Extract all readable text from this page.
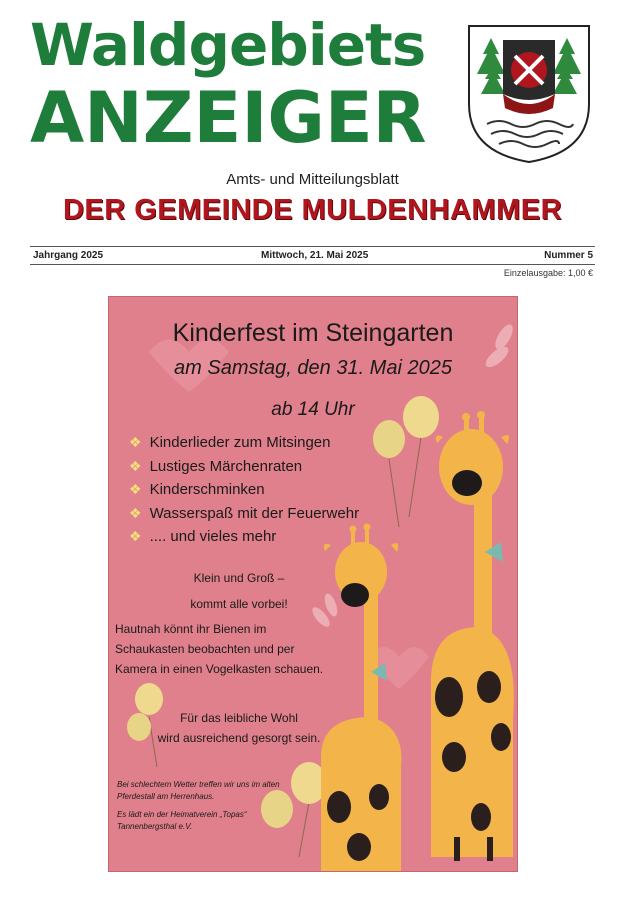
Waldgebiets
ANZEIGER
Amts- und Mitteilungsblatt
DER GEMEINDE MULDENHAMMER
Jahrgang 2025	Mittwoch, 21. Mai 2025	Nummer 5
Einzelausgabe: 1,00 €
Kinderfest im Steingarten
am Samstag, den 31. Mai 2025
ab 14 Uhr
❖ Kinderlieder zum Mitsingen
❖ Lustiges Märchenraten
❖ Kinderschminken
❖ Wasserspaß mit der Feuerwehr
❖ .... und vieles mehr
Klein und Groß –
kommt alle vorbei!
Hautnah könnt ihr Bienen im
Schaukasten beobachten und per
Kamera in einen Vogelkasten schauen.
Für das leibliche Wohl
wird ausreichend gesorgt sein.
Bei schlechtem Wetter treffen wir uns im alten
Pferdestall am Herrenhaus.
Es lädt ein der Heimatverein „Topas“
Tannenbergsthal e.V.
